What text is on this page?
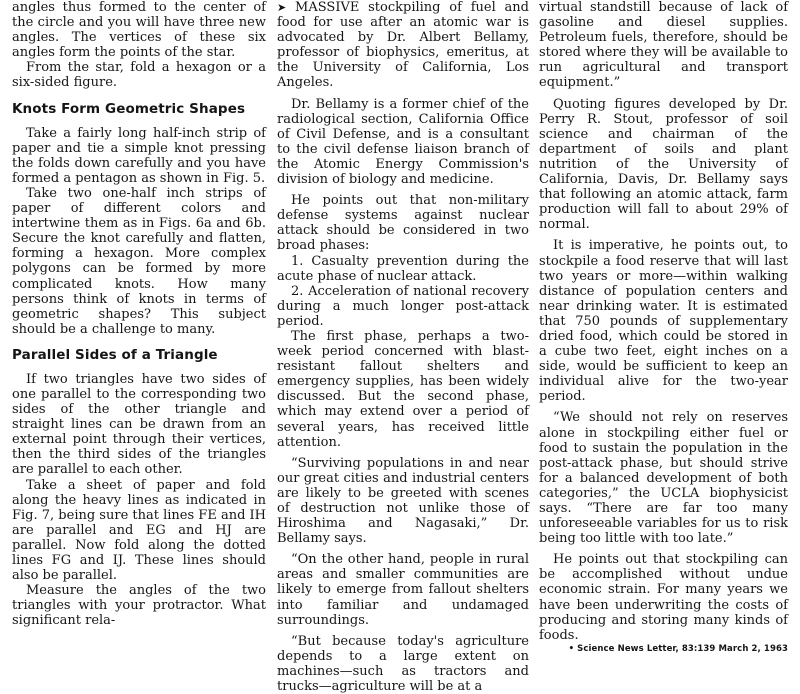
angles thus formed to the center of the circle and you will have three new angles. The vertices of these six angles form the points of the star.

From the star, fold a hexagon or a six-sided figure.

Knots Form Geometric Shapes

Take a fairly long half-inch strip of paper and tie a simple knot pressing the folds down carefully and you have formed a pentagon as shown in Fig. 5.

Take two one-half inch strips of paper of different colors and intertwine them as in Figs. 6a and 6b. Secure the knot carefully and flatten, forming a hexagon. More complex polygons can be formed by more complicated knots. How many persons think of knots in terms of geometric shapes? This subject should be a challenge to many.

Parallel Sides of a Triangle

If two triangles have two sides of one parallel to the corresponding two sides of the other triangle and straight lines can be drawn from an external point through their vertices, then the third sides of the triangles are parallel to each other.

Take a sheet of paper and fold along the heavy lines as indicated in Fig. 7, being sure that lines FE and IH are parallel and EG and HJ are parallel. Now fold along the dotted lines FG and IJ. These lines should also be parallel.

Measure the angles of the two triangles with your protractor. What significant rela-

➤ MASSIVE stockpiling of fuel and food for use after an atomic war is advocated by Dr. Albert Bellamy, professor of biophysics, emeritus, at the University of California, Los Angeles.

Dr. Bellamy is a former chief of the radiological section, California Office of Civil Defense, and is a consultant to the civil defense liaison branch of the Atomic Energy Commission's division of biology and medicine.

He points out that non-military defense systems against nuclear attack should be considered in two broad phases:

1. Casualty prevention during the acute phase of nuclear attack.

2. Acceleration of national recovery during a much longer post-attack period.

The first phase, perhaps a two-week period concerned with blast-resistant fallout shelters and emergency supplies, has been widely discussed. But the second phase, which may extend over a period of several years, has received little attention.

“Surviving populations in and near our great cities and industrial centers are likely to be greeted with scenes of destruction not unlike those of Hiroshima and Nagasaki,” Dr. Bellamy says.

“On the other hand, people in rural areas and smaller communities are likely to emerge from fallout shelters into familiar and undamaged surroundings.

“But because today's agriculture depends to a large extent on machines—such as tractors and trucks—agriculture will be at a

virtual standstill because of lack of gasoline and diesel supplies. Petroleum fuels, therefore, should be stored where they will be available to run agricultural and transport equipment.”

Quoting figures developed by Dr. Perry R. Stout, professor of soil science and chairman of the department of soils and plant nutrition of the University of California, Davis, Dr. Bellamy says that following an atomic attack, farm production will fall to about 29% of normal.

It is imperative, he points out, to stockpile a food reserve that will last two years or more—within walking distance of population centers and near drinking water. It is estimated that 750 pounds of supplementary dried food, which could be stored in a cube two feet, eight inches on a side, would be sufficient to keep an individual alive for the two-year period.

“We should not rely on reserves alone in stockpiling either fuel or food to sustain the population in the post-attack phase, but should strive for a balanced development of both categories,” the UCLA biophysicist says. “There are far too many unforeseeable variables for us to risk being too little with too late.”

He points out that stockpiling can be accomplished without undue economic strain. For many years we have been underwriting the costs of producing and storing many kinds of foods.

• Science News Letter, 83:139 March 2, 1963
